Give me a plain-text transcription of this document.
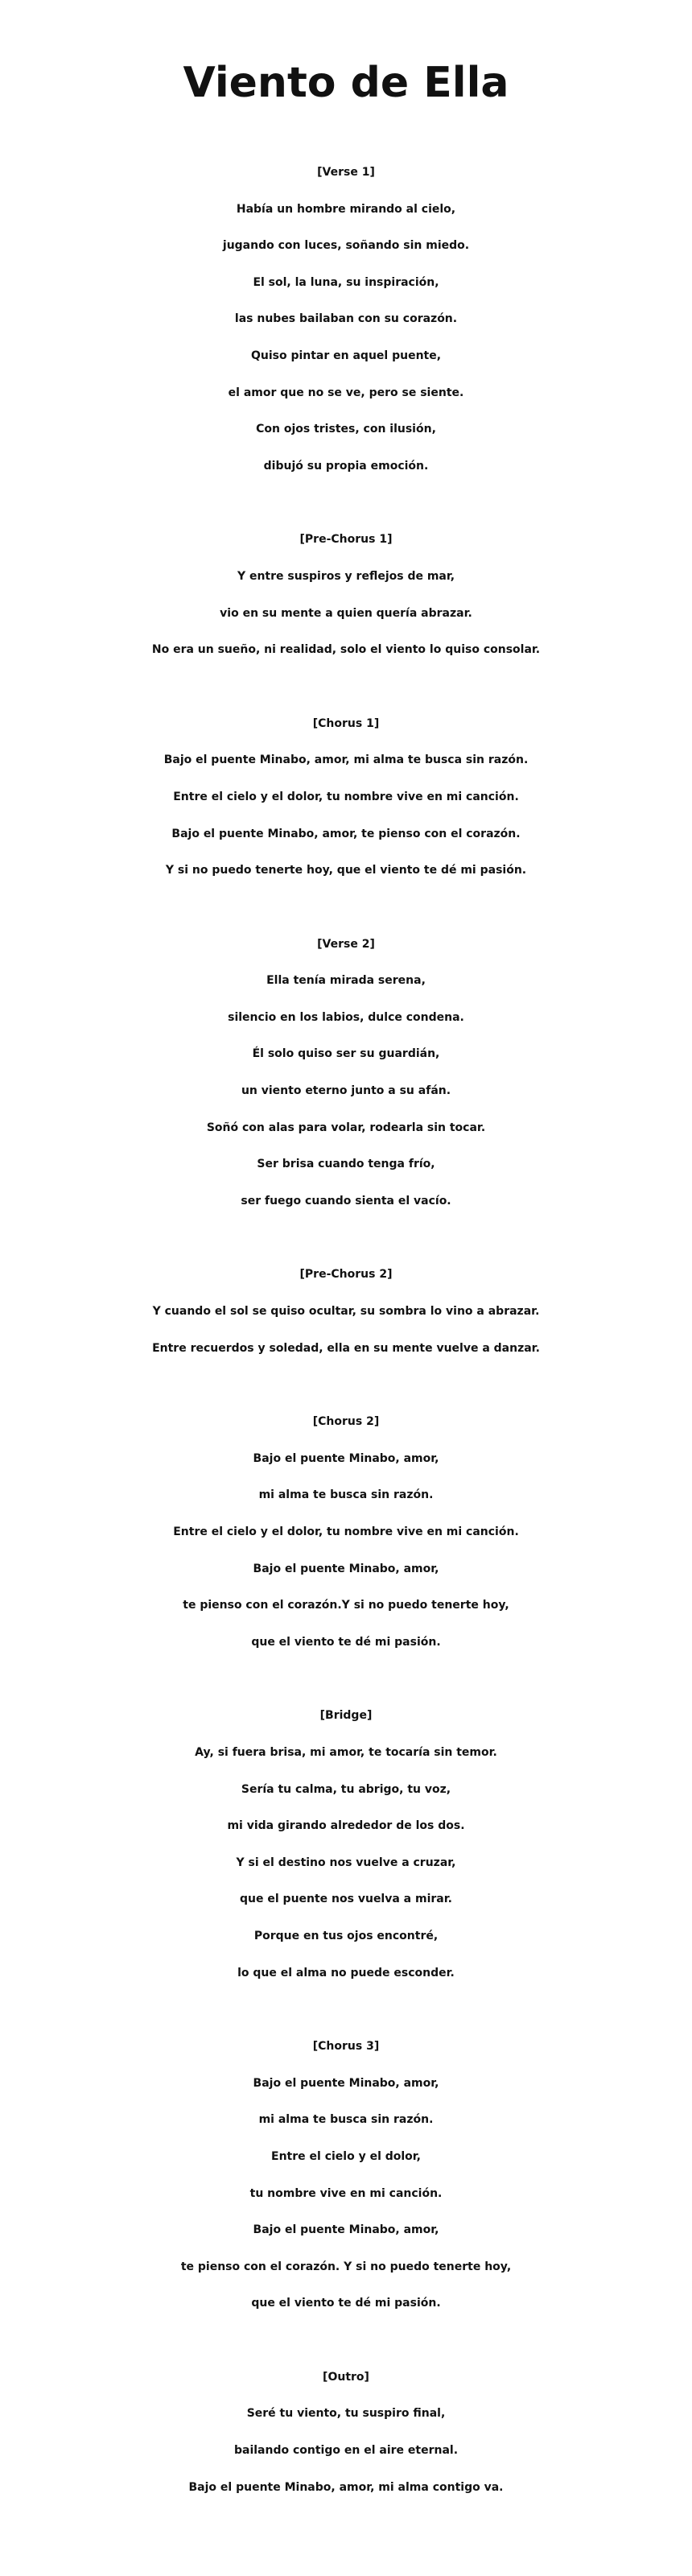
Viento de Ella
[Verse 1]
Había un hombre mirando al cielo,
jugando con luces, soñando sin miedo.
El sol, la luna, su inspiración,
las nubes bailaban con su corazón.
Quiso pintar en aquel puente,
el amor que no se ve, pero se siente.
Con ojos tristes, con ilusión,
dibujó su propia emoción.
[Pre-Chorus 1]
Y entre suspiros y reflejos de mar,
vio en su mente a quien quería abrazar.
No era un sueño, ni realidad, solo el viento lo quiso consolar.
[Chorus 1]
Bajo el puente Minabo, amor, mi alma te busca sin razón.
Entre el cielo y el dolor, tu nombre vive en mi canción.
Bajo el puente Minabo, amor, te pienso con el corazón.
Y si no puedo tenerte hoy, que el viento te dé mi pasión.
[Verse 2]
Ella tenía mirada serena,
silencio en los labios, dulce condena.
Él solo quiso ser su guardián,
un viento eterno junto a su afán.
Soñó con alas para volar, rodearla sin tocar.
Ser brisa cuando tenga frío,
ser fuego cuando sienta el vacío.
[Pre-Chorus 2]
Y cuando el sol se quiso ocultar, su sombra lo vino a abrazar.
Entre recuerdos y soledad, ella en su mente vuelve a danzar.
[Chorus 2]
Bajo el puente Minabo, amor,
mi alma te busca sin razón.
Entre el cielo y el dolor, tu nombre vive en mi canción.
Bajo el puente Minabo, amor,
te pienso con el corazón.Y si no puedo tenerte hoy,
que el viento te dé mi pasión.
[Bridge]
Ay, si fuera brisa, mi amor, te tocaría sin temor.
Sería tu calma, tu abrigo, tu voz,
mi vida girando alrededor de los dos.
Y si el destino nos vuelve a cruzar,
que el puente nos vuelva a mirar.
Porque en tus ojos encontré,
lo que el alma no puede esconder.
[Chorus 3]
Bajo el puente Minabo, amor,
mi alma te busca sin razón.
Entre el cielo y el dolor,
tu nombre vive en mi canción.
Bajo el puente Minabo, amor,
te pienso con el corazón. Y si no puedo tenerte hoy,
que el viento te dé mi pasión.
[Outro]
Seré tu viento, tu suspiro final,
bailando contigo en el aire eternal.
Bajo el puente Minabo, amor, mi alma contigo va.
